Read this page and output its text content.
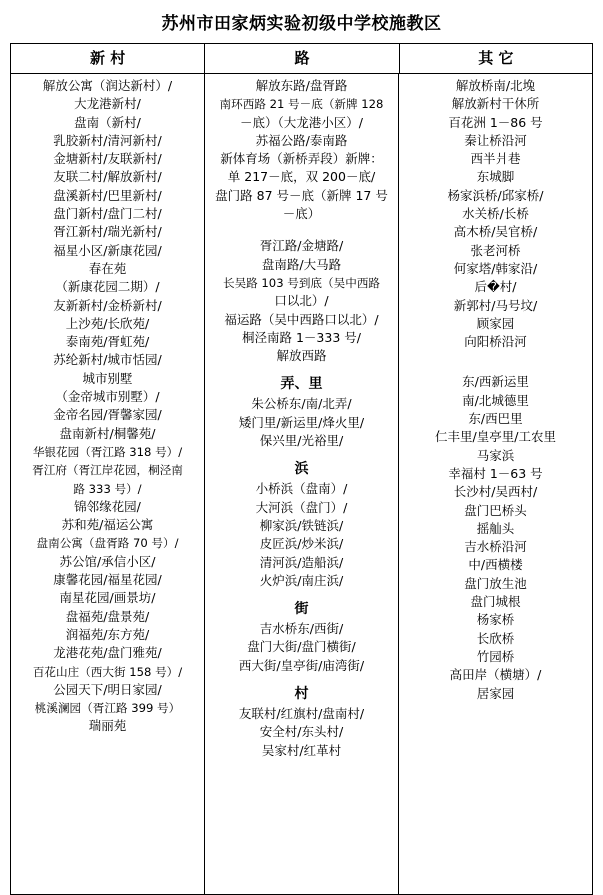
苏州市田家炳实验初级中学校施教区
新 村	路	其 它
解放公寓（润达新村）/
大龙港新村/
盘南（新村/
乳胶新村/清河新村/
金塘新村/友联新村/
友联二村/解放新村/
盘溪新村/巴里新村/
盘门新村/盘门二村/
胥江新村/瑞光新村/
福星小区/新康花园/
春在苑
（新康花园二期）/
友新新村/金桥新村/
上沙苑/长欣苑/
泰南苑/胥虹苑/
苏纶新村/城市恬园/
城市别墅
（金帝城市别墅）/
金帝名园/胥馨家园/
盘南新村/桐馨苑/
华银花园（胥江路 318 号）/
胥江府（胥江岸花园，桐泾南
路 333 号）/
锦邻缘花园/
苏和苑/福运公寓
盘南公寓（盘胥路 70 号）/
苏公馆/承信小区/
康馨花园/福星花园/
南星花园/画景坊/
盘福苑/盘景苑/
润福苑/东方苑/
龙港花苑/盘门雅苑/
百花山庄（西大街 158 号）/
公园天下/明日家园/
桃溪澜园（胥江路 399 号）
瑞丽苑
解放东路/盘胥路
南环西路 21 号－底（新牌 128
－底）（大龙港小区）/
苏福公路/泰南路
新体育场（新桥弄段）新牌：
单 217－底，双 200－底/
盘门路 87 号－底（新牌 17 号
－底）
胥江路/金塘路/
盘南路/大马路
长吴路 103 号到底（吴中西路
口以北）/
福运路（吴中西路口以北）/
桐泾南路 1－333 号/
解放西路
弄、里
朱公桥东/南/北弄/
矮门里/新运里/烽火里/
保兴里/光裕里/
浜
小桥浜（盘南）/
大河浜（盘门）/
柳家浜/铁链浜/
皮匠浜/炒米浜/
清河浜/造船浜/
火炉浜/南庄浜/
街
吉水桥东/西街/
盘门大街/盘门横街/
西大街/皇亭街/庙湾街/
村
友联村/红旗村/盘南村/
安全村/东头村/
吴家村/红革村
解放桥南/北堍
解放新村干休所
百花洲 1－86 号
秦让桥沿河
西半爿巷
东城脚
杨家浜桥/邱家桥/
水关桥/长桥
高木桥/吴官桥/
张老河桥
何家塔/韩家沿/
后�村/
新郭村/马号坟/
顾家园
向阳桥沿河
东/西新运里
南/北城德里
东/西巴里
仁丰里/皇亭里/工农里
马家浜
幸福村 1－63 号
长沙村/吴西村/
盘门巴桥头
摇舢头
吉水桥沿河
中/西横楼
盘门放生池
盘门城根
杨家桥
长欣桥
竹园桥
高田岸（横塘）/
居家园
